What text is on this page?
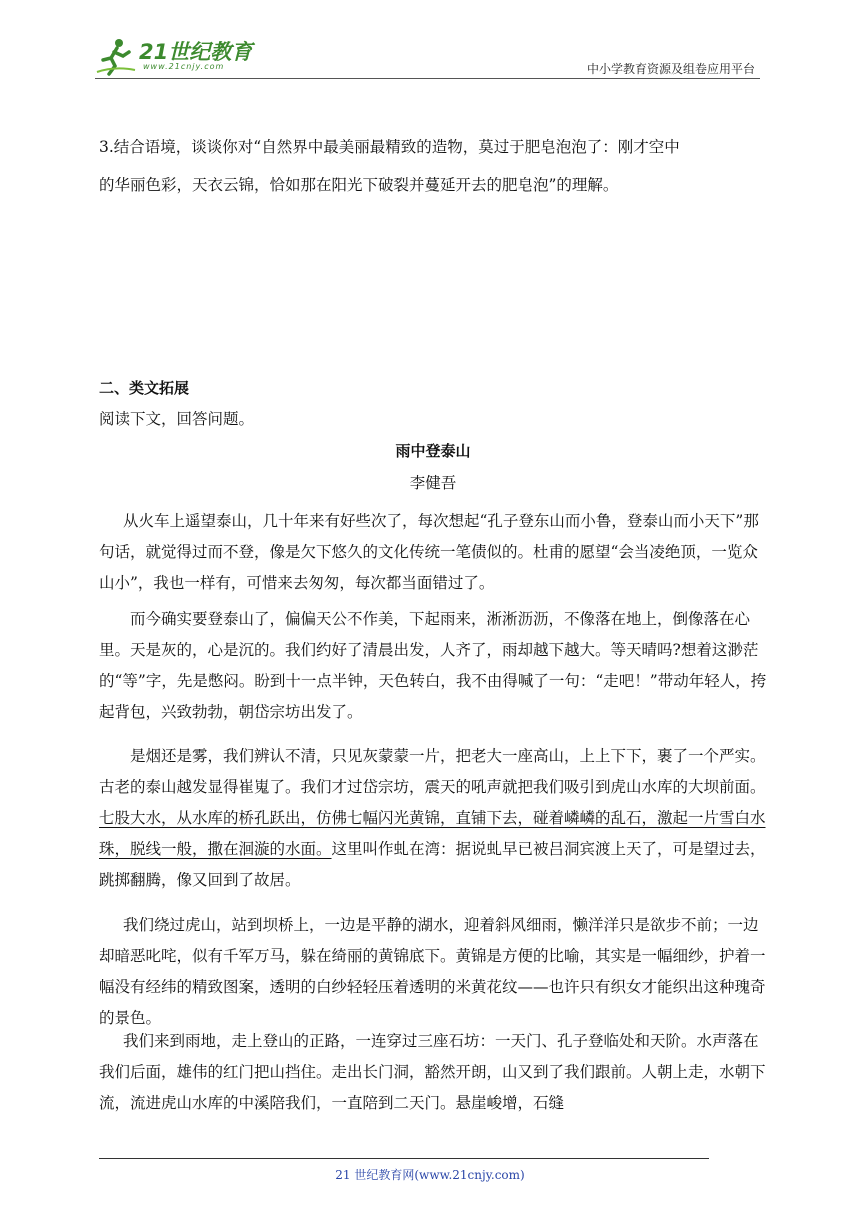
21世纪教育
www.21cnjy.com	中小学教育资源及组卷应用平台

3.结合语境，谈谈你对“自然界中最美丽最精致的造物，莫过于肥皂泡泡了：刚才空中

的华丽色彩，天衣云锦，恰如那在阳光下破裂并蔓延开去的肥皂泡”的理解。

二、类文拓展

阅读下文，回答问题。

雨中登泰山

李健吾

从火车上遥望泰山，几十年来有好些次了，每次想起“孔子登东山而小鲁，登泰山而小天下”那句话，就觉得过而不登，像是欠下悠久的文化传统一笔债似的。杜甫的愿望“会当凌绝顶，一览众山小”，我也一样有，可惜来去匆匆，每次都当面错过了。

而今确实要登泰山了，偏偏天公不作美，下起雨来，淅淅沥沥，不像落在地上，倒像落在心里。天是灰的，心是沉的。我们约好了清晨出发，人齐了，雨却越下越大。等天晴吗?想着这渺茫的“等”字，先是憋闷。盼到十一点半钟，天色转白，我不由得喊了一句：“走吧！”带动年轻人，挎起背包，兴致勃勃，朝岱宗坊出发了。

是烟还是雾，我们辨认不清，只见灰蒙蒙一片，把老大一座高山，上上下下，裹了一个严实。古老的泰山越发显得崔嵬了。我们才过岱宗坊，震天的吼声就把我们吸引到虎山水库的大坝前面。七股大水，从水库的桥孔跃出，仿佛七幅闪光黄锦，直铺下去，碰着嶙嶙的乱石，激起一片雪白水珠，脱线一般，撒在洄漩的水面。这里叫作虬在湾：据说虬早已被吕洞宾渡上天了，可是望过去，跳掷翻腾，像又回到了故居。

我们绕过虎山，站到坝桥上，一边是平静的湖水，迎着斜风细雨，懒洋洋只是欲步不前；一边却暗恶叱咤，似有千军万马，躲在绮丽的黄锦底下。黄锦是方便的比喻，其实是一幅细纱，护着一幅没有经纬的精致图案，透明的白纱轻轻压着透明的米黄花纹——也许只有织女才能织出这种瑰奇的景色。

我们来到雨地，走上登山的正路，一连穿过三座石坊：一天门、孔子登临处和天阶。水声落在我们后面，雄伟的红门把山挡住。走出长门洞，豁然开朗，山又到了我们跟前。人朝上走，水朝下流，流进虎山水库的中溪陪我们，一直陪到二天门。悬崖峻增，石缝

21 世纪教育网(www.21cnjy.com)
